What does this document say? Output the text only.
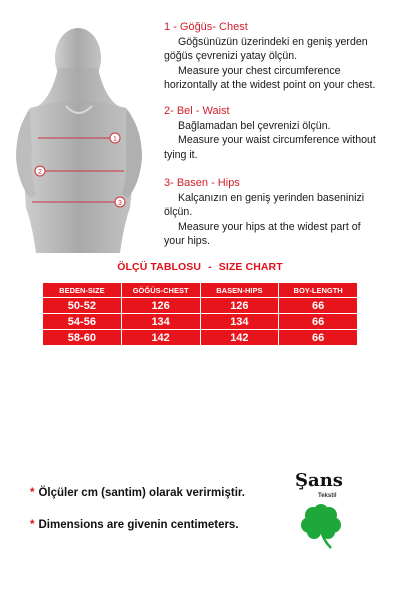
1
2
3
1 - Göğüs- Chest
Göğsünüzün üzerindeki en geniş yerden
göğüs çevrenizi yatay ölçün.
Measure your chest circumference
horizontally at the widest point on your chest.
2- Bel - Waist
Bağlamadan bel çevrenizi ölçün.
Measure your waist circumference without
tying it.
3- Basen - Hips
Kalçanızın en geniş yerinden baseninizi
ölçün.
Measure your hips at the widest part of
your hips.
ÖLÇÜ TABLOSU - SIZE CHART
BEDEN-SIZE	GÖĞÜS-CHEST	BASEN-HIPS	BOY-LENGTH
50-52	126	126	66
54-56	134	134	66
58-60	142	142	66
* Ölçüler cm (santim) olarak verirmiştir.
* Dimensions are givenin centimeters.
Şans
Tekstil
